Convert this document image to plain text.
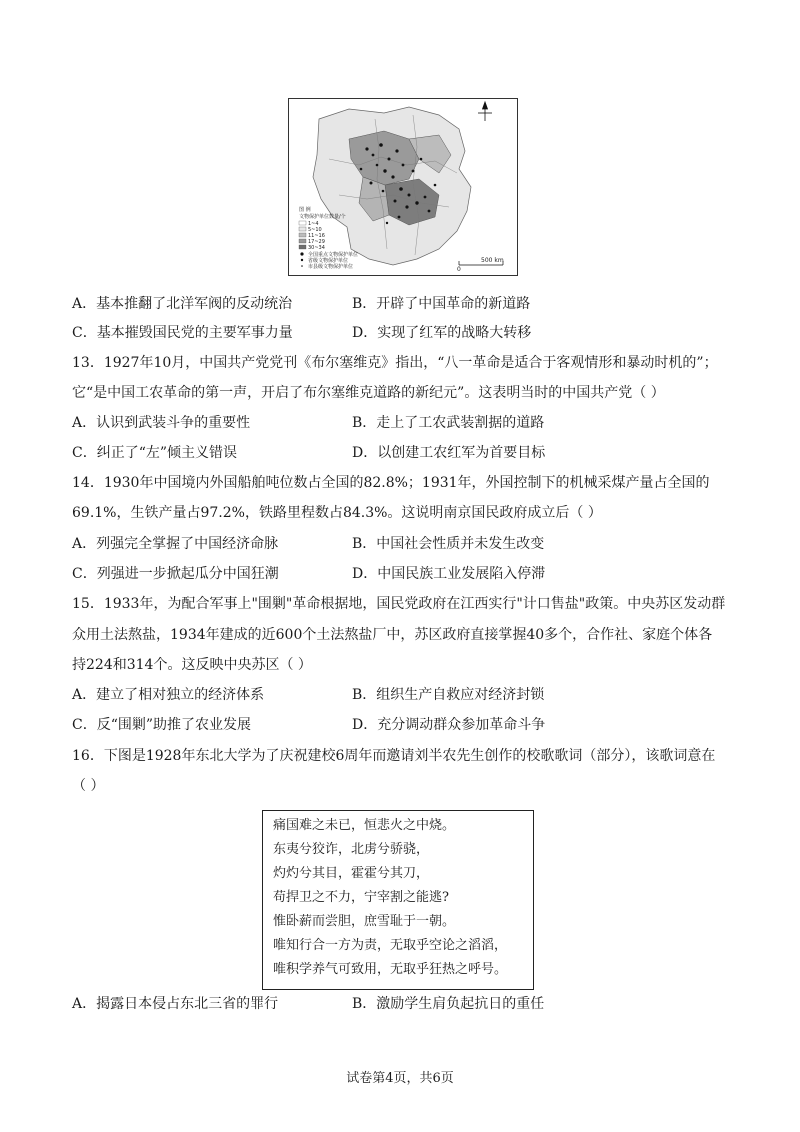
图 例
文物保护单位数量/个
1~4
5~10
11~16
17~29
30~34
全国重点文物保护单位
省级文物保护单位
市县级文物保护单位	0
500 km
A．基本推翻了北洋军阀的反动统治	B．开辟了中国革命的新道路
C．基本摧毁国民党的主要军事力量	D．实现了红军的战略大转移
13．1927年10月，中国共产党党刊《布尔塞维克》指出，“八一革命是适合于客观情形和暴动时机的”；
它“是中国工农革命的第一声，开启了布尔塞维克道路的新纪元”。这表明当时的中国共产党（ ）
A．认识到武装斗争的重要性	B．走上了工农武装割据的道路
C．纠正了“左”倾主义错误	D．以创建工农红军为首要目标
14．1930年中国境内外国船舶吨位数占全国的82.8%；1931年，外国控制下的机械采煤产量占全国的
69.1%，生铁产量占97.2%，铁路里程数占84.3%。这说明南京国民政府成立后（ ）
A．列强完全掌握了中国经济命脉	B．中国社会性质并未发生改变
C．列强进一步掀起瓜分中国狂潮	D．中国民族工业发展陷入停滞
15．1933年，为配合军事上"围剿"革命根据地，国民党政府在江西实行"计口售盐"政策。中央苏区发动群
众用土法熬盐，1934年建成的近600个土法熬盐厂中，苏区政府直接掌握40多个，合作社、家庭个体各
持224和314个。这反映中央苏区（ ）
A．建立了相对独立的经济体系	B．组织生产自救应对经济封锁
C．反“围剿”助推了农业发展	D．充分调动群众参加革命斗争
16．下图是1928年东北大学为了庆祝建校6周年而邀请刘半农先生创作的校歌歌词（部分），该歌词意在
（ ）
痛国难之未已，恒悲火之中烧。
东夷兮狡诈，北虏兮骄骁，
灼灼兮其目，霍霍兮其刀，
苟捍卫之不力，宁宰割之能逃?
惟卧薪而尝胆，庶雪耻于一朝。
唯知行合一方为责，无取乎空论之滔滔，
唯积学养气可致用，无取乎狂热之呼号。
A．揭露日本侵占东北三省的罪行	B．激励学生肩负起抗日的重任
试卷第4页，共6页
